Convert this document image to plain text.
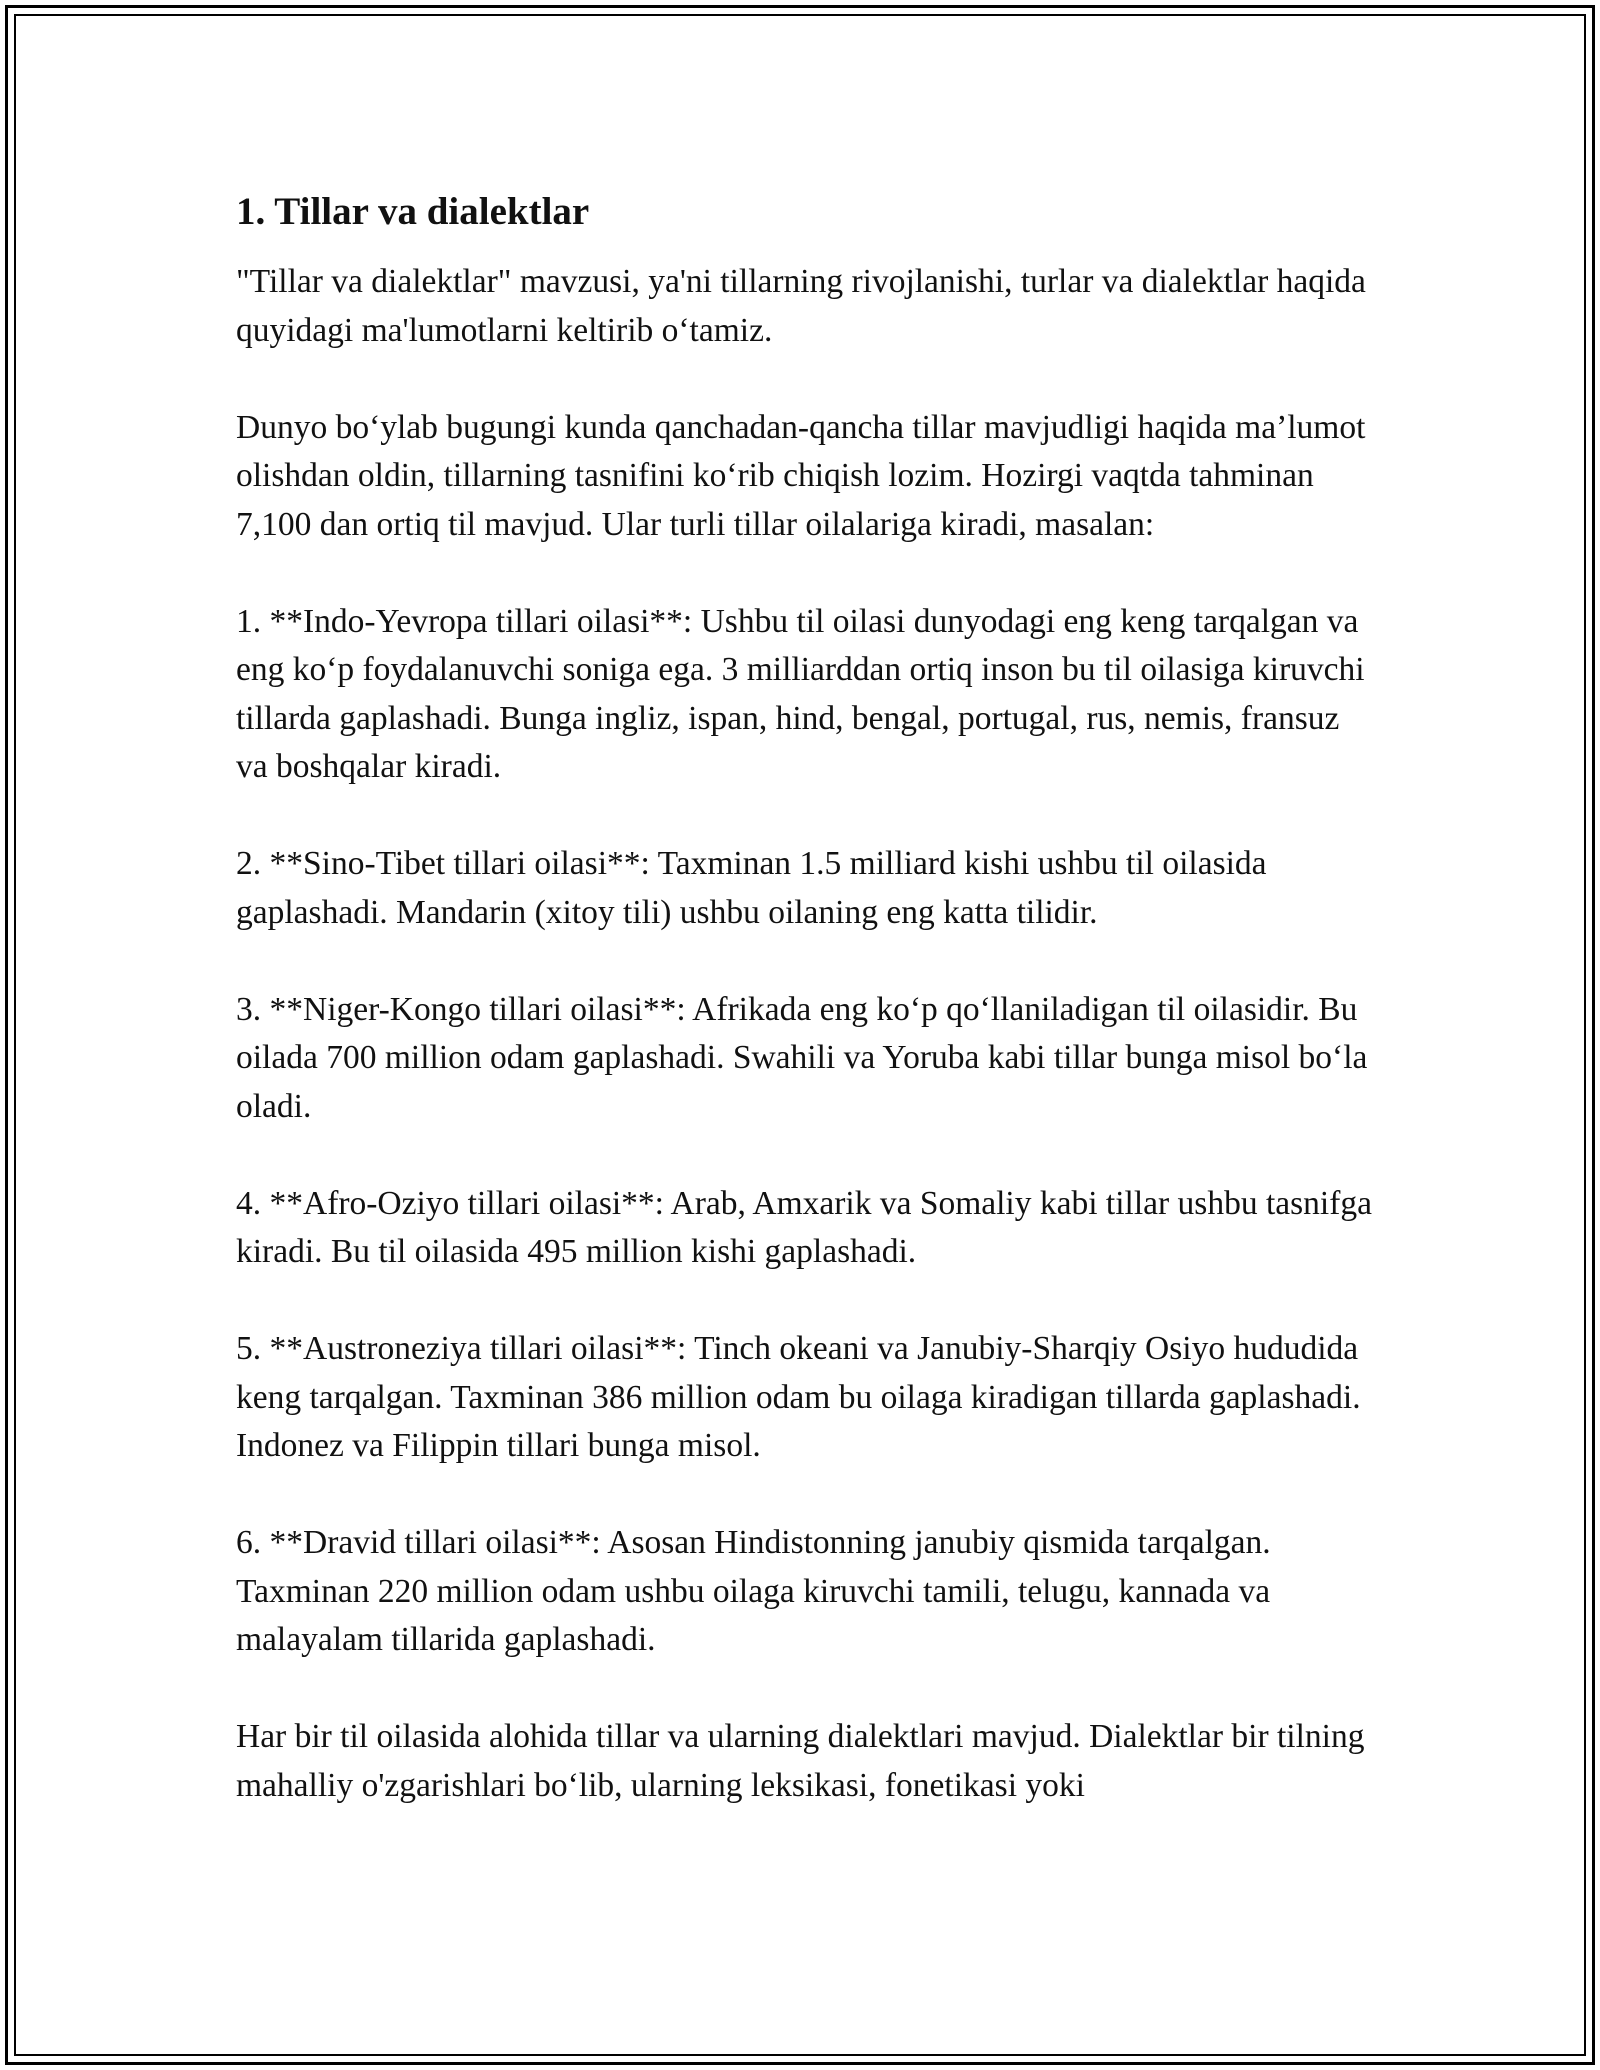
1. Tillar va dialektlar

"Tillar va dialektlar" mavzusi, ya'ni tillarning rivojlanishi, turlar va dialektlar haqida quyidagi ma'lumotlarni keltirib o‘tamiz.

Dunyo bo‘ylab bugungi kunda qanchadan-qancha tillar mavjudligi haqida ma’lumot olishdan oldin, tillarning tasnifini ko‘rib chiqish lozim. Hozirgi vaqtda tahminan 7,100 dan ortiq til mavjud. Ular turli tillar oilalariga kiradi, masalan:

1. **Indo-Yevropa tillari oilasi**: Ushbu til oilasi dunyodagi eng keng tarqalgan va eng ko‘p foydalanuvchi soniga ega. 3 milliarddan ortiq inson bu til oilasiga kiruvchi tillarda gaplashadi. Bunga ingliz, ispan, hind, bengal, portugal, rus, nemis, fransuz va boshqalar kiradi.

2. **Sino-Tibet tillari oilasi**: Taxminan 1.5 milliard kishi ushbu til oilasida gaplashadi. Mandarin (xitoy tili) ushbu oilaning eng katta tilidir.

3. **Niger-Kongo tillari oilasi**: Afrikada eng ko‘p qo‘llaniladigan til oilasidir. Bu oilada 700 million odam gaplashadi. Swahili va Yoruba kabi tillar bunga misol bo‘la oladi.

4. **Afro-Oziyo tillari oilasi**: Arab, Amxarik va Somaliy kabi tillar ushbu tasnifga kiradi. Bu til oilasida 495 million kishi gaplashadi.

5. **Austroneziya tillari oilasi**: Tinch okeani va Janubiy-Sharqiy Osiyo hududida keng tarqalgan. Taxminan 386 million odam bu oilaga kiradigan tillarda gaplashadi. Indonez va Filippin tillari bunga misol.

6. **Dravid tillari oilasi**: Asosan Hindistonning janubiy qismida tarqalgan. Taxminan 220 million odam ushbu oilaga kiruvchi tamili, telugu, kannada va malayalam tillarida gaplashadi.

Har bir til oilasida alohida tillar va ularning dialektlari mavjud. Dialektlar bir tilning mahalliy o'zgarishlari bo‘lib, ularning leksikasi, fonetikasi yoki
